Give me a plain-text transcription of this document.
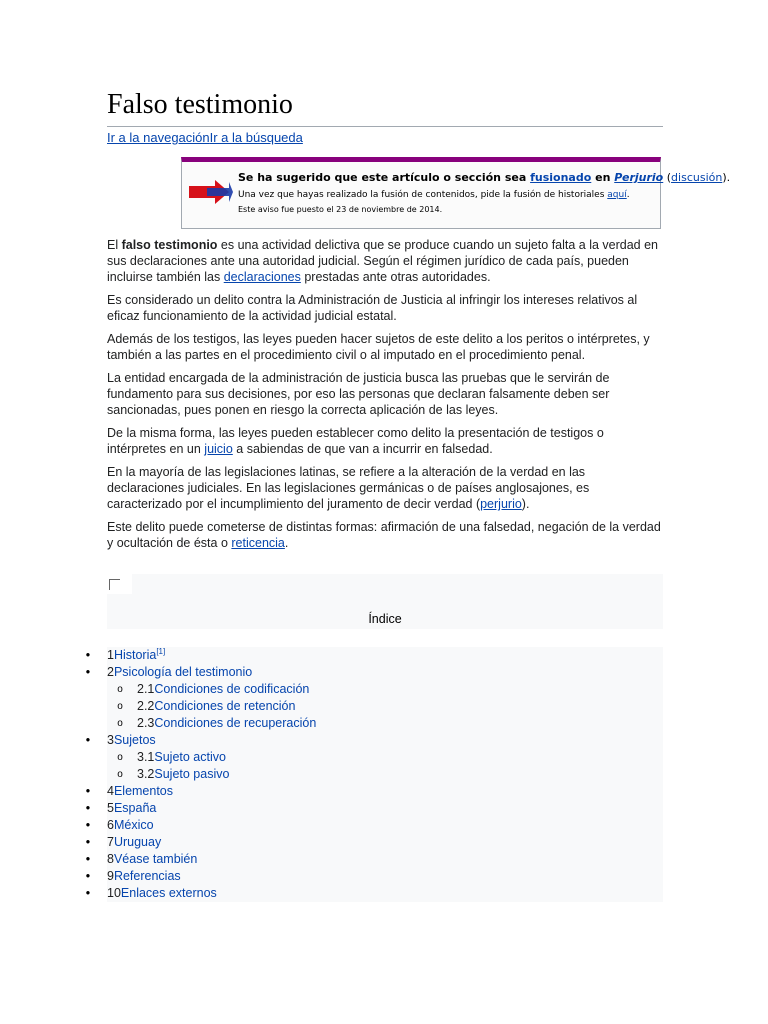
Falso testimonio
Ir a la navegaciónIr a la búsqueda
Se ha sugerido que este artículo o sección sea fusionado en Perjurio (discusión).
Una vez que hayas realizado la fusión de contenidos, pide la fusión de historiales aquí.
Este aviso fue puesto el 23 de noviembre de 2014.

El falso testimonio es una actividad delictiva que se produce cuando un sujeto falta a la verdad en sus declaraciones ante una autoridad judicial. Según el régimen jurídico de cada país, pueden incluirse también las declaraciones prestadas ante otras autoridades.

Es considerado un delito contra la Administración de Justicia al infringir los intereses relativos al eficaz funcionamiento de la actividad judicial estatal.

Además de los testigos, las leyes pueden hacer sujetos de este delito a los peritos o intérpretes, y también a las partes en el procedimiento civil o al imputado en el procedimiento penal.

La entidad encargada de la administración de justicia busca las pruebas que le servirán de fundamento para sus decisiones, por eso las personas que declaran falsamente deben ser sancionadas, pues ponen en riesgo la correcta aplicación de las leyes.

De la misma forma, las leyes pueden establecer como delito la presentación de testigos o intérpretes en un juicio a sabiendas de que van a incurrir en falsedad.

En la mayoría de las legislaciones latinas, se refiere a la alteración de la verdad en las declaraciones judiciales. En las legislaciones germánicas o de países anglosajones, es caracterizado por el incumplimiento del juramento de decir verdad (perjurio).

Este delito puede cometerse de distintas formas: afirmación de una falsedad, negación de la verdad y ocultación de ésta o reticencia.

Índice
• 1Historia[1]
• 2Psicología del testimonio
o 2.1Condiciones de codificación
o 2.2Condiciones de retención
o 2.3Condiciones de recuperación
• 3Sujetos
o 3.1Sujeto activo
o 3.2Sujeto pasivo
• 4Elementos
• 5España
• 6México
• 7Uruguay
• 8Véase también
• 9Referencias
• 10Enlaces externos
